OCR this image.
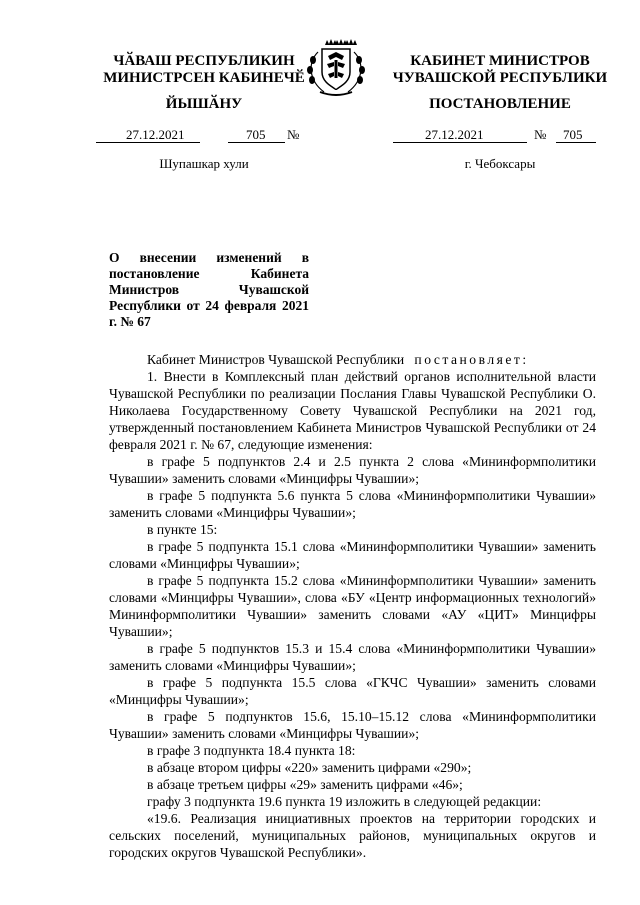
ЧӐВАШ РЕСПУБЛИКИН
МИНИСТРСЕН КАБИНЕЧӖ
ЙЫШӐНУ
27.12.2021	705 №
Шупашкар хули
КАБИНЕТ МИНИСТРОВ
ЧУВАШСКОЙ РЕСПУБЛИКИ
ПОСТАНОВЛЕНИЕ
27.12.2021	№ 705
г. Чебоксары
О внесении изменений в постановление Кабинета Министров Чувашской Республики от 24 февраля 2021 г. № 67

Кабинет Министров Чувашской Республики постановляет:

1. Внести в Комплексный план действий органов исполнительной власти Чувашской Республики по реализации Послания Главы Чувашской Республики О. Николаева Государственному Совету Чувашской Республики на 2021 год, утвержденный постановлением Кабинета Министров Чувашской Республики от 24 февраля 2021 г. № 67, следующие изменения:

в графе 5 подпунктов 2.4 и 2.5 пункта 2 слова «Мининформполитики Чувашии» заменить словами «Минцифры Чувашии»;

в графе 5 подпункта 5.6 пункта 5 слова «Мининформполитики Чувашии» заменить словами «Минцифры Чувашии»;

в пункте 15:

в графе 5 подпункта 15.1 слова «Мининформполитики Чувашии» заменить словами «Минцифры Чувашии»;

в графе 5 подпункта 15.2 слова «Мининформполитики Чувашии» заменить словами «Минцифры Чувашии», слова «БУ «Центр информационных технологий» Мининформполитики Чувашии» заменить словами «АУ «ЦИТ» Минцифры Чувашии»;

в графе 5 подпунктов 15.3 и 15.4 слова «Мининформполитики Чувашии» заменить словами «Минцифры Чувашии»;

в графе 5 подпункта 15.5 слова «ГКЧС Чувашии» заменить словами «Минцифры Чувашии»;

в графе 5 подпунктов 15.6, 15.10–15.12 слова «Мининформполитики Чувашии» заменить словами «Минцифры Чувашии»;

в графе 3 подпункта 18.4 пункта 18:

в абзаце втором цифры «220» заменить цифрами «290»;

в абзаце третьем цифры «29» заменить цифрами «46»;

графу 3 подпункта 19.6 пункта 19 изложить в следующей редакции:

«19.6. Реализация инициативных проектов на территории городских и сельских поселений, муниципальных районов, муниципальных округов и городских округов Чувашской Республики».
